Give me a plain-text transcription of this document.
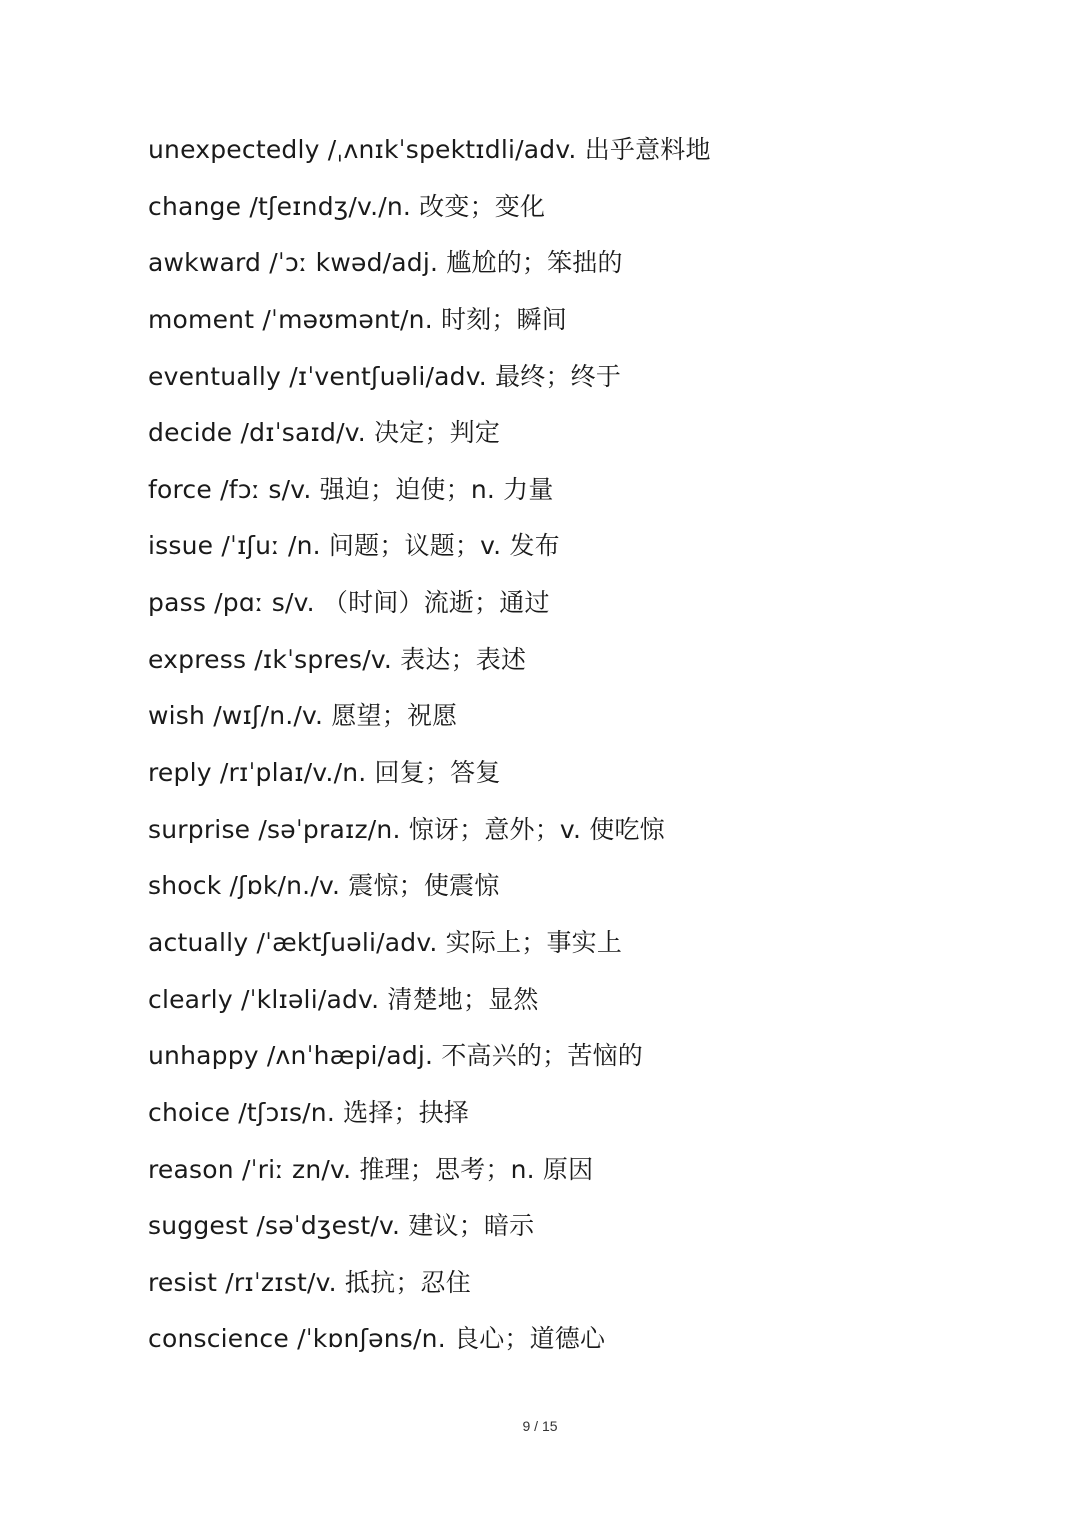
unexpectedly /ˌʌnɪkˈspektɪdli/adv. 出乎意料地
change /tʃeɪndʒ/v./n. 改变；变化
awkward /ˈɔː kwəd/adj. 尴尬的；笨拙的
moment /ˈməʊmənt/n. 时刻；瞬间
eventually /ɪˈventʃuəli/adv. 最终；终于
decide /dɪˈsaɪd/v. 决定；判定
force /fɔː s/v. 强迫；迫使；n. 力量
issue /ˈɪʃuː /n. 问题；议题；v. 发布
pass /pɑː s/v. （时间）流逝；通过
express /ɪkˈspres/v. 表达；表述
wish /wɪʃ/n./v. 愿望；祝愿
reply /rɪˈplaɪ/v./n. 回复；答复
surprise /səˈpraɪz/n. 惊讶；意外；v. 使吃惊
shock /ʃɒk/n./v. 震惊；使震惊
actually /ˈæktʃuəli/adv. 实际上；事实上
clearly /ˈklɪəli/adv. 清楚地；显然
unhappy /ʌnˈhæpi/adj. 不高兴的；苦恼的
choice /tʃɔɪs/n. 选择；抉择
reason /ˈriː zn/v. 推理；思考；n. 原因
suggest /səˈdʒest/v. 建议；暗示
resist /rɪˈzɪst/v. 抵抗；忍住
conscience /ˈkɒnʃəns/n. 良心；道德心
9 / 15
